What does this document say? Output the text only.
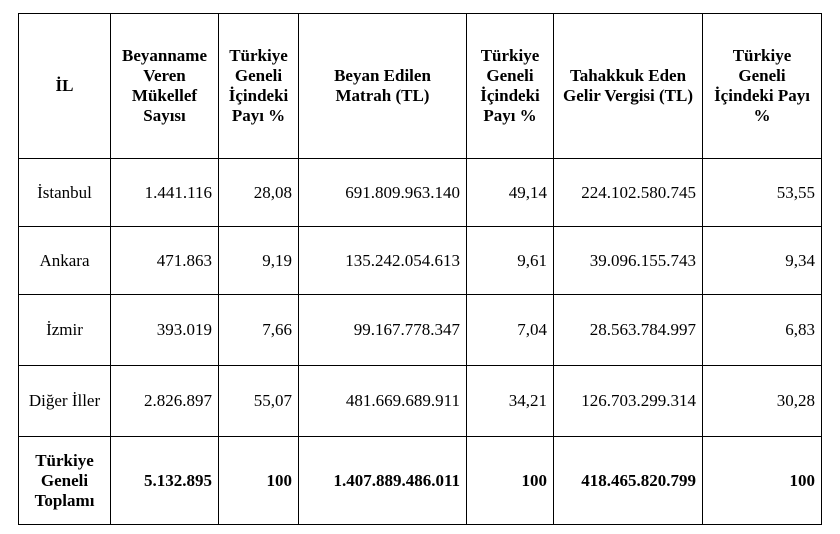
İL	Beyanname Veren Mükellef Sayısı	Türkiye Geneli İçindeki Payı %	Beyan Edilen Matrah (TL)	Türkiye Geneli İçindeki Payı %	Tahakkuk Eden Gelir Vergisi (TL)	Türkiye Geneli İçindeki Payı %
İstanbul	1.441.116	28,08	691.809.963.140	49,14	224.102.580.745	53,55
Ankara	471.863	9,19	135.242.054.613	9,61	39.096.155.743	9,34
İzmir	393.019	7,66	99.167.778.347	7,04	28.563.784.997	6,83
Diğer İller	2.826.897	55,07	481.669.689.911	34,21	126.703.299.314	30,28
Türkiye Geneli Toplamı	5.132.895	100	1.407.889.486.011	100	418.465.820.799	100
